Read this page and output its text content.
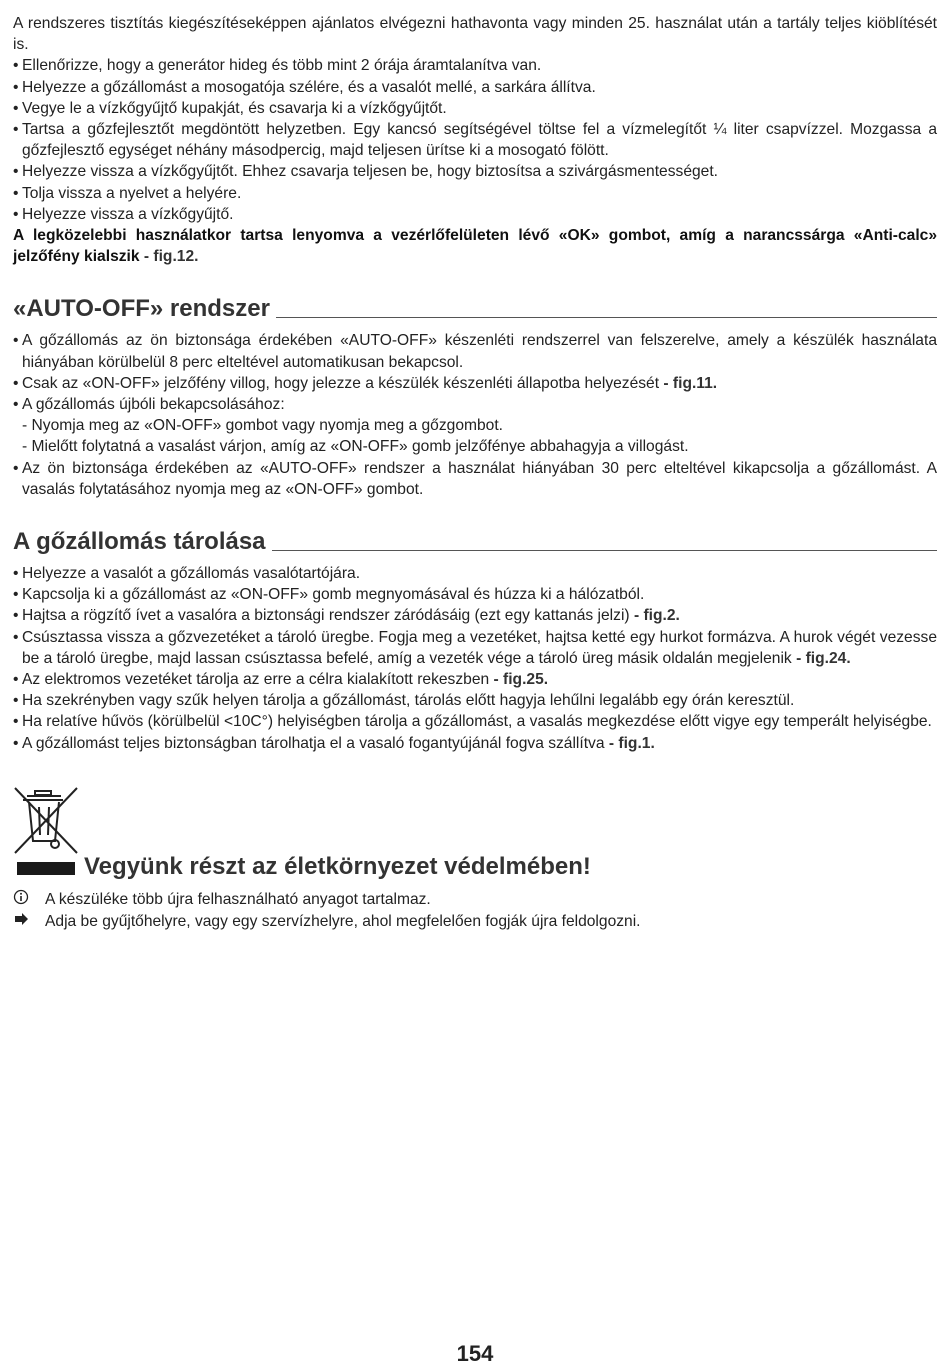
A rendszeres tisztítás kiegészítéseképpen ajánlatos elvégezni hathavonta vagy minden 25. használat után a tartály teljes kiöblítését is.

• Ellenőrizze, hogy a generátor hideg és több mint 2 órája áramtalanítva van.
• Helyezze a gőzállomást a mosogatója szélére, és a vasalót mellé, a sarkára állítva.
• Vegye le a vízkőgyűjtő kupakját, és csavarja ki a vízkőgyűjtőt.
• Tartsa a gőzfejlesztőt megdöntött helyzetben. Egy kancsó segítségével töltse fel a vízmelegítőt ¼ liter csapvízzel. Mozgassa a gőzfejlesztő egységet néhány másodpercig, majd teljesen ürítse ki a mosogató fölött.
• Helyezze vissza a vízkőgyűjtőt. Ehhez csavarja teljesen be, hogy biztosítsa a szivárgásmentességet.
• Tolja vissza a nyelvet a helyére.
• Helyezze vissza a vízkőgyűjtő.

A legközelebbi használatkor tartsa lenyomva a vezérlőfelületen lévő «OK» gombot, amíg a narancssárga «Anti-calc» jelzőfény kialszik - fig.12.

«AUTO-OFF» rendszer
• A gőzállomás az ön biztonsága érdekében «AUTO-OFF» készenléti rendszerrel van felszerelve, amely a készülék használata hiányában körülbelül 8 perc elteltével automatikusan bekapcsol.
• Csak az «ON-OFF» jelzőfény villog, hogy jelezze a készülék készenléti állapotba helyezését - fig.11.
• A gőzállomás újbóli bekapcsolásához:
- Nyomja meg az «ON-OFF» gombot vagy nyomja meg a gőzgombot.
- Mielőtt folytatná a vasalást várjon, amíg az «ON-OFF» gomb jelzőfénye abbahagyja a villogást.
• Az ön biztonsága érdekében az «AUTO-OFF» rendszer a használat hiányában 30 perc elteltével kikapcsolja a gőzállomást. A vasalás folytatásához nyomja meg az «ON-OFF» gombot.
A gőzállomás tárolása
• Helyezze a vasalót a gőzállomás vasalótartójára.
• Kapcsolja ki a gőzállomást az «ON-OFF» gomb megnyomásával és húzza ki a hálózatból.
• Hajtsa a rögzítő ívet a vasalóra a biztonsági rendszer záródásáig (ezt egy kattanás jelzi) - fig.2.
• Csúsztassa vissza a gőzvezetéket a tároló üregbe. Fogja meg a vezetéket, hajtsa ketté egy hurkot formázva. A hurok végét vezesse be a tároló üregbe, majd lassan csúsztassa befelé, amíg a vezeték vége a tároló üreg másik oldalán megjelenik - fig.24.
• Az elektromos vezetéket tárolja az erre a célra kialakított rekeszben - fig.25.
• Ha szekrényben vagy szűk helyen tárolja a gőzállomást, tárolás előtt hagyja lehűlni legalább egy órán keresztül.
• Ha relatíve hűvös (körülbelül <10C°) helyiségben tárolja a gőzállomást, a vasalás megkezdése előtt vigye egy temperált helyiségbe.
• A gőzállomást teljes biztonságban tárolhatja el a vasaló fogantyújánál fogva szállítva - fig.1.
Vegyünk részt az életkörnyezet védelmében!
A készüléke több újra felhasználható anyagot tartalmaz.
Adja be gyűjtőhelyre, vagy egy szervízhelyre, ahol megfelelően fogják újra feldolgozni.
154
